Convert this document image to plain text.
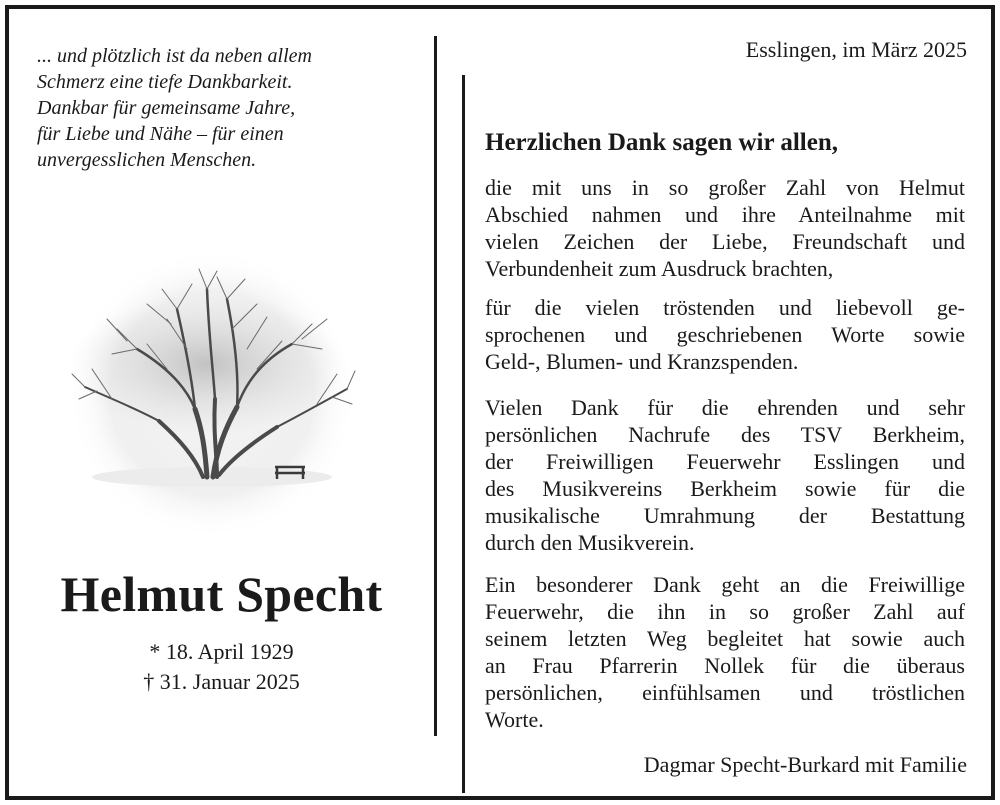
... und plötzlich ist da neben allem
Schmerz eine tiefe Dankbarkeit.
Dankbar für gemeinsame Jahre,
für Liebe und Nähe – für einen
unvergesslichen Menschen.

Helmut Specht
* 18. April 1929
† 31. Januar 2025
Esslingen, im März 2025
Herzlichen Dank sagen wir allen,

die mit uns in so großer Zahl von Helmut
Abschied nahmen und ihre Anteilnahme mit
vielen Zeichen der Liebe, Freundschaft und
Verbundenheit zum Ausdruck brachten,

für die vielen tröstenden und liebevoll ge-
sprochenen und geschriebenen Worte sowie
Geld-, Blumen- und Kranzspenden.

Vielen Dank für die ehrenden und sehr
persönlichen Nachrufe des TSV Berkheim,
der Freiwilligen Feuerwehr Esslingen und
des Musikvereins Berkheim sowie für die
musikalische Umrahmung der Bestattung
durch den Musikverein.

Ein besonderer Dank geht an die Freiwillige
Feuerwehr, die ihn in so großer Zahl auf
seinem letzten Weg begleitet hat sowie auch
an Frau Pfarrerin Nollek für die überaus
persönlichen, einfühlsamen und tröstlichen
Worte.

Dagmar Specht-Burkard mit Familie
